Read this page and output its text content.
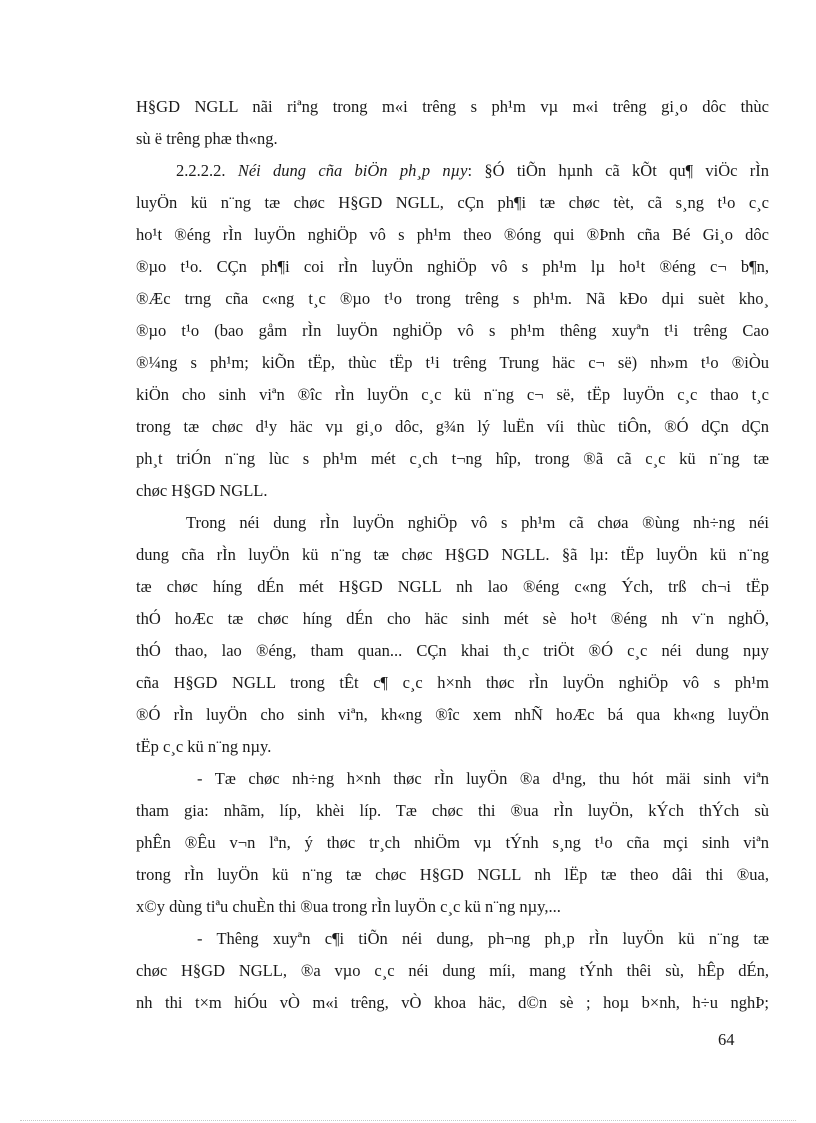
H§GD NGLL nãi riªng trong m«i trêng s ph¹m vµ m«i trêng gi¸o dôc thùc
sù ë trêng phæ th«ng.
2.2.2.2. Néi dung cña biÖn ph¸p nµy: §Ó tiÕn hµnh cã kÕt qu¶ viÖc rÌn
luyÖn kü n¨ng tæ chøc H§GD NGLL, cÇn ph¶i tæ chøc tèt, cã s¸ng t¹o c¸c
ho¹t ®éng rÌn luyÖn nghiÖp vô s ph¹m theo ®óng qui ®Þnh cña Bé Gi¸o dôc
®µo t¹o. CÇn ph¶i coi rÌn luyÖn nghiÖp vô s ph¹m lµ ho¹t ®éng c¬ b¶n,
®Æc trng cña c«ng t¸c ®µo t¹o trong trêng s ph¹m. Nã kÐo dµi suèt kho¸
®µo t¹o (bao gåm rÌn luyÖn nghiÖp vô s ph¹m thêng xuyªn t¹i trêng Cao
®¼ng s ph¹m; kiÕn tËp, thùc tËp t¹i trêng Trung häc c¬ së) nh»m t¹o ®iÒu
kiÖn cho sinh viªn ®îc rÌn luyÖn c¸c kü n¨ng c¬ së, tËp luyÖn c¸c thao t¸c
trong tæ chøc d¹y häc vµ gi¸o dôc, g¾n lý luËn víi thùc tiÔn, ®Ó dÇn dÇn
ph¸t triÓn n¨ng lùc s ph¹m mét c¸ch t¬ng hîp, trong ®ã cã c¸c kü n¨ng tæ
chøc H§GD NGLL.
Trong néi dung rÌn luyÖn nghiÖp vô s ph¹m cã chøa ®ùng nh÷ng néi
dung cña rÌn luyÖn kü n¨ng tæ chøc H§GD NGLL. §ã lµ: tËp luyÖn kü n¨ng
tæ chøc híng dÉn mét H§GD NGLL nh lao ®éng c«ng Ých, trß ch¬i tËp
thÓ hoÆc tæ chøc híng dÉn cho häc sinh mét sè ho¹t ®éng nh v¨n nghÖ,
thÓ thao, lao ®éng, tham quan... CÇn khai th¸c triÖt ®Ó c¸c néi dung nµy
cña H§GD NGLL trong tÊt c¶ c¸c h×nh thøc rÌn luyÖn nghiÖp vô s ph¹m
®Ó rÌn luyÖn cho sinh viªn, kh«ng ®îc xem nhÑ hoÆc bá qua kh«ng luyÖn
tËp c¸c kü n¨ng nµy.
- Tæ chøc nh÷ng h×nh thøc rÌn luyÖn ®a d¹ng, thu hót mäi sinh viªn
tham gia: nhãm, líp, khèi líp. Tæ chøc thi ®ua rÌn luyÖn, kÝch thÝch sù
phÊn ®Êu v¬n lªn, ý thøc tr¸ch nhiÖm vµ tÝnh s¸ng t¹o cña mçi sinh viªn
trong rÌn luyÖn kü n¨ng tæ chøc H§GD NGLL nh lËp tæ theo dâi thi ®ua,
x©y dùng tiªu chuÈn thi ®ua trong rÌn luyÖn c¸c kü n¨ng nµy,...
- Thêng xuyªn c¶i tiÕn néi dung, ph¬ng ph¸p rÌn luyÖn kü n¨ng tæ
chøc H§GD NGLL, ®a vµo c¸c néi dung míi, mang tÝnh thêi sù, hÊp dÉn,
nh thi t×m hiÓu vÒ m«i trêng, vÒ khoa häc, d©n sè ; hoµ b×nh, h÷u nghÞ;
64
